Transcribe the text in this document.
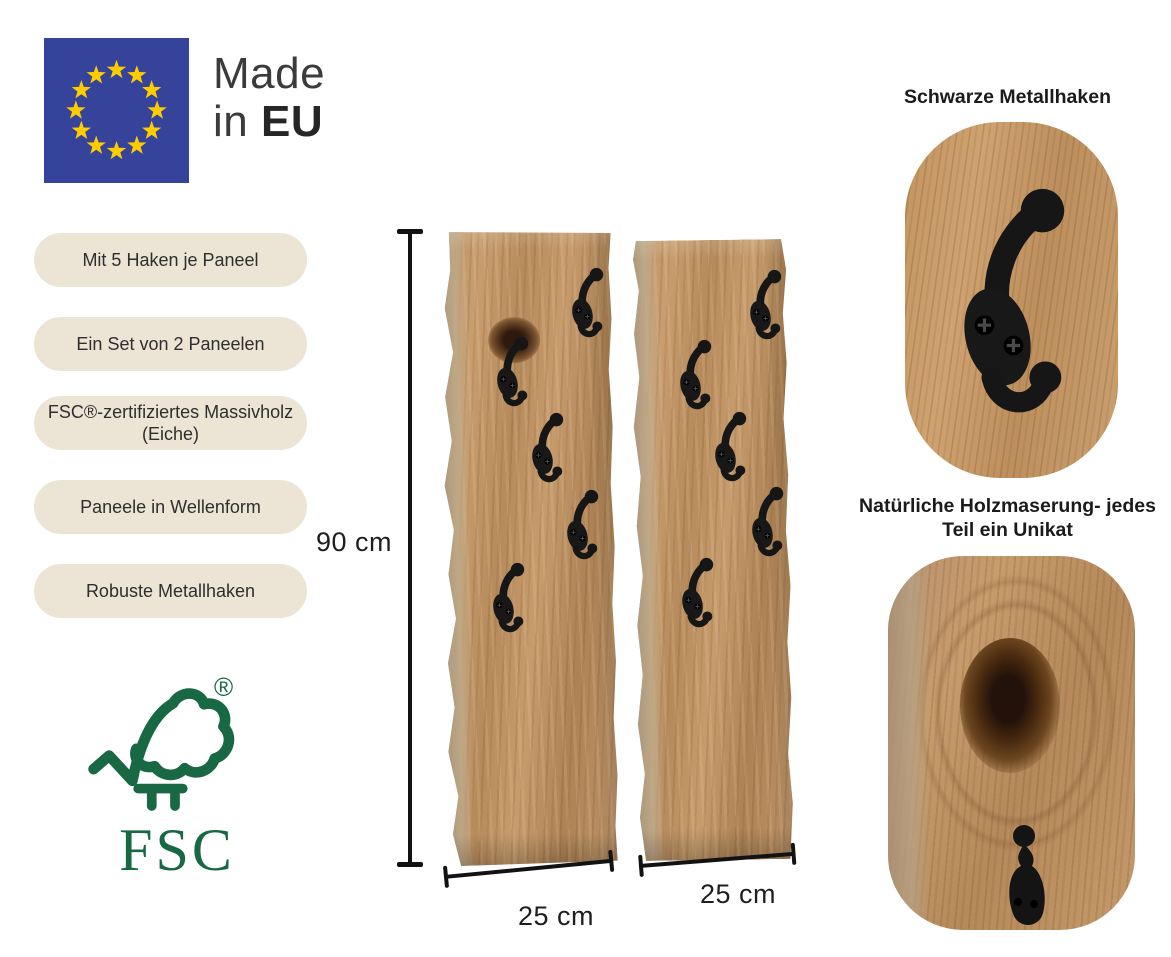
Made
in EU
Mit 5 Haken je Paneel
Ein Set von 2 Paneelen
FSC®-zertifiziertes Massivholz
(Eiche)
Paneele in Wellenform
Robuste Metallhaken
®
FSC
90 cm
25 cm
25 cm
Schwarze Metallhaken
Natürliche Holzmaserung- jedes
Teil ein Unikat
